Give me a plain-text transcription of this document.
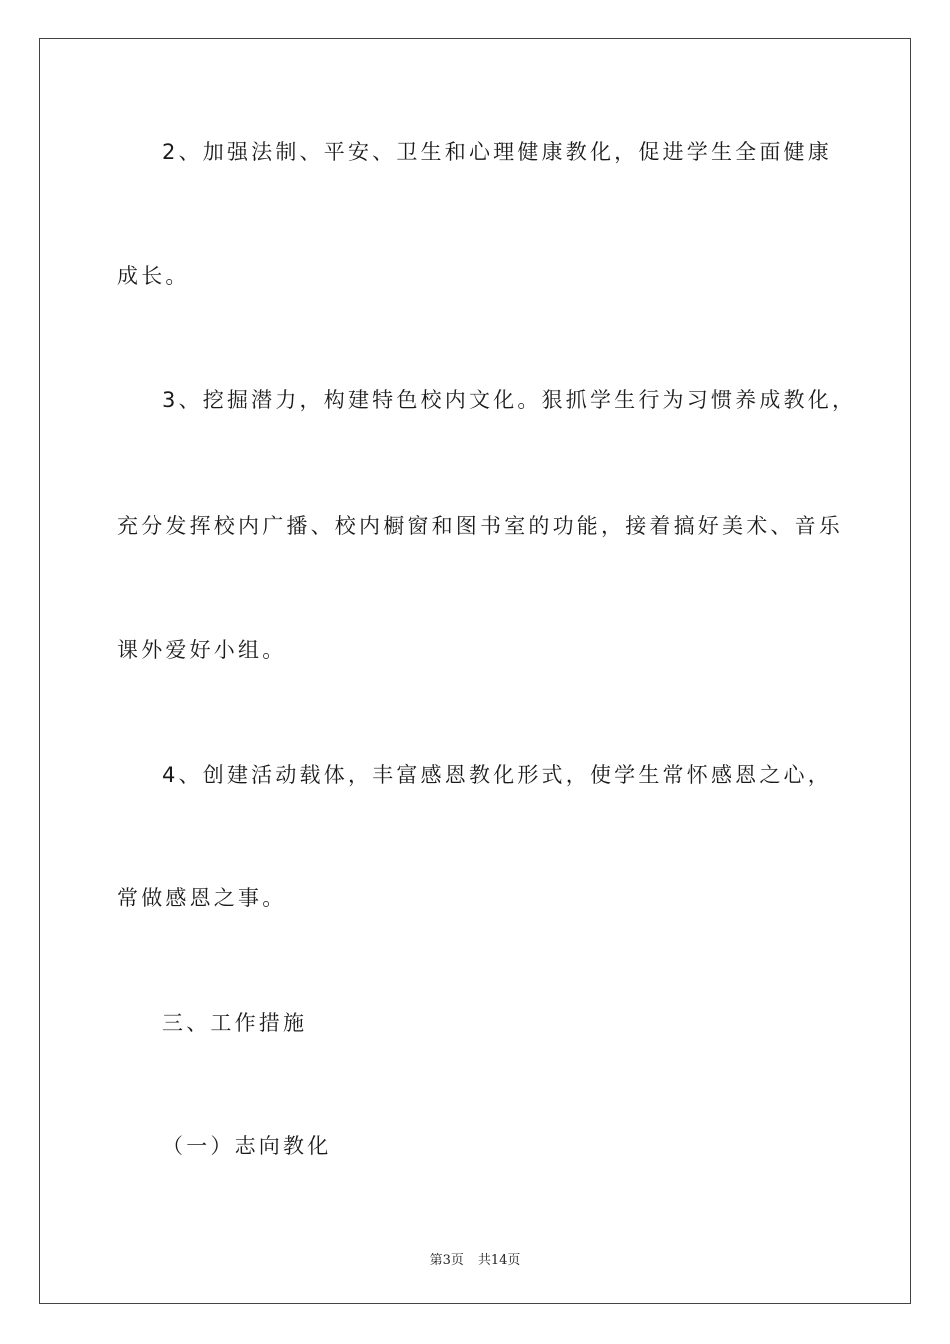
2、加强法制、平安、卫生和心理健康教化，促进学生全面健康
成长。
3、挖掘潜力，构建特色校内文化。狠抓学生行为习惯养成教化，
充分发挥校内广播、校内橱窗和图书室的功能，接着搞好美术、音乐
课外爱好小组。
4、创建活动载体，丰富感恩教化形式，使学生常怀感恩之心，
常做感恩之事。
三、工作措施
（一）志向教化
第3页 共14页
